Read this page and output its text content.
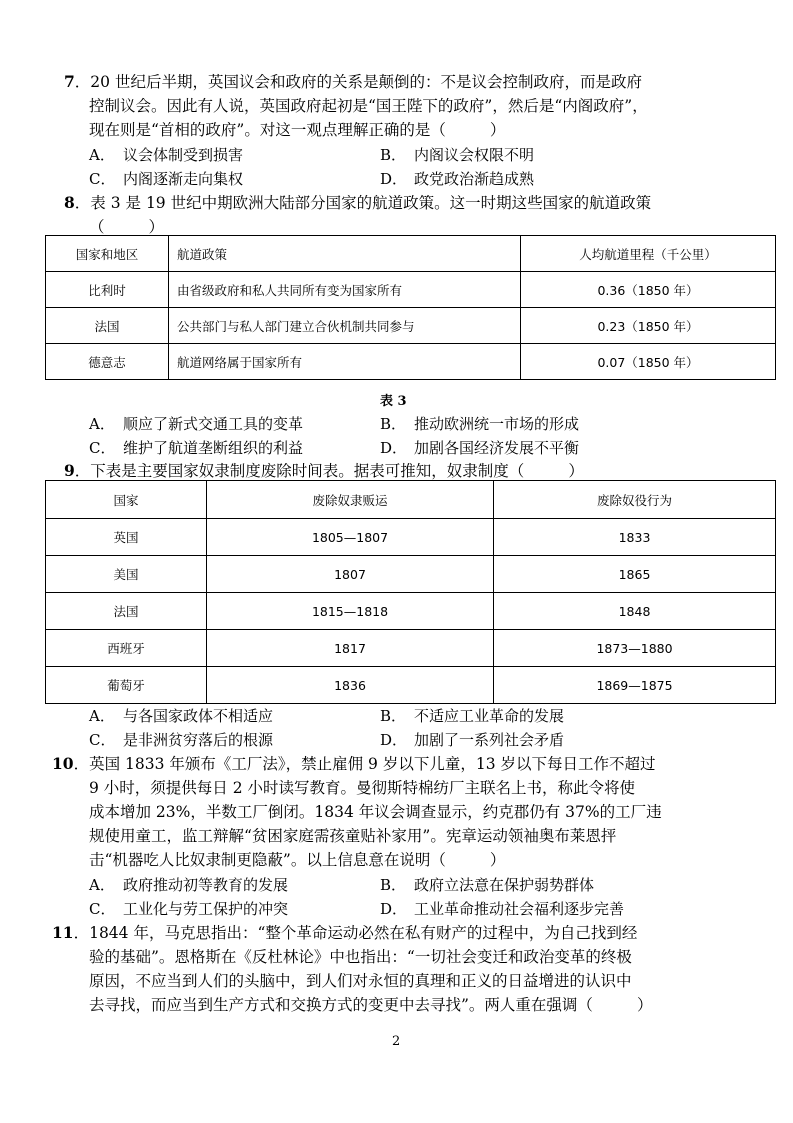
7．20 世纪后半期，英国议会和政府的关系是颠倒的：不是议会控制政府，而是政府
控制议会。因此有人说，英国政府起初是“国王陛下的政府”，然后是“内阁政府”，
现在则是“首相的政府”。对这一观点理解正确的是（	）
A． 议会体制受到损害	B． 内阁议会权限不明
C． 内阁逐渐走向集权	D． 政党政治渐趋成熟
8．表 3 是 19 世纪中期欧洲大陆部分国家的航道政策。这一时期这些国家的航道政策
（	）
国家和地区	航道政策	人均航道里程（千公里）
比利时	由省级政府和私人共同所有变为国家所有	0.36（1850 年）
法国	公共部门与私人部门建立合伙机制共同参与	0.23（1850 年）
德意志	航道网络属于国家所有	0.07（1850 年）
表 3
A． 顺应了新式交通工具的变革	B． 推动欧洲统一市场的形成
C． 维护了航道垄断组织的利益	D． 加剧各国经济发展不平衡
9．下表是主要国家奴隶制度废除时间表。据表可推知，奴隶制度（	）
国家	废除奴隶贩运	废除奴役行为
英国	1805—1807	1833
美国	1807	1865
法国	1815—1818	1848
西班牙	1817	1873—1880
葡萄牙	1836	1869—1875
A． 与各国家政体不相适应	B． 不适应工业革命的发展
C． 是非洲贫穷落后的根源	D． 加剧了一系列社会矛盾
10．英国 1833 年颁布《工厂法》，禁止雇佣 9 岁以下儿童，13 岁以下每日工作不超过
9 小时，须提供每日 2 小时读写教育。曼彻斯特棉纺厂主联名上书，称此令将使
成本增加 23%，半数工厂倒闭。1834 年议会调查显示，约克郡仍有 37%的工厂违
规使用童工，监工辩解“贫困家庭需孩童贴补家用”。宪章运动领袖奥布莱恩抨
击“机器吃人比奴隶制更隐蔽”。以上信息意在说明（	）
A． 政府推动初等教育的发展	B． 政府立法意在保护弱势群体
C． 工业化与劳工保护的冲突	D． 工业革命推动社会福利逐步完善
11．1844 年，马克思指出：“整个革命运动必然在私有财产的过程中，为自己找到经
验的基础”。恩格斯在《反杜林论》中也指出：“一切社会变迁和政治变革的终极
原因，不应当到人们的头脑中，到人们对永恒的真理和正义的日益增进的认识中
去寻找，而应当到生产方式和交换方式的变更中去寻找”。两人重在强调（	）
2
